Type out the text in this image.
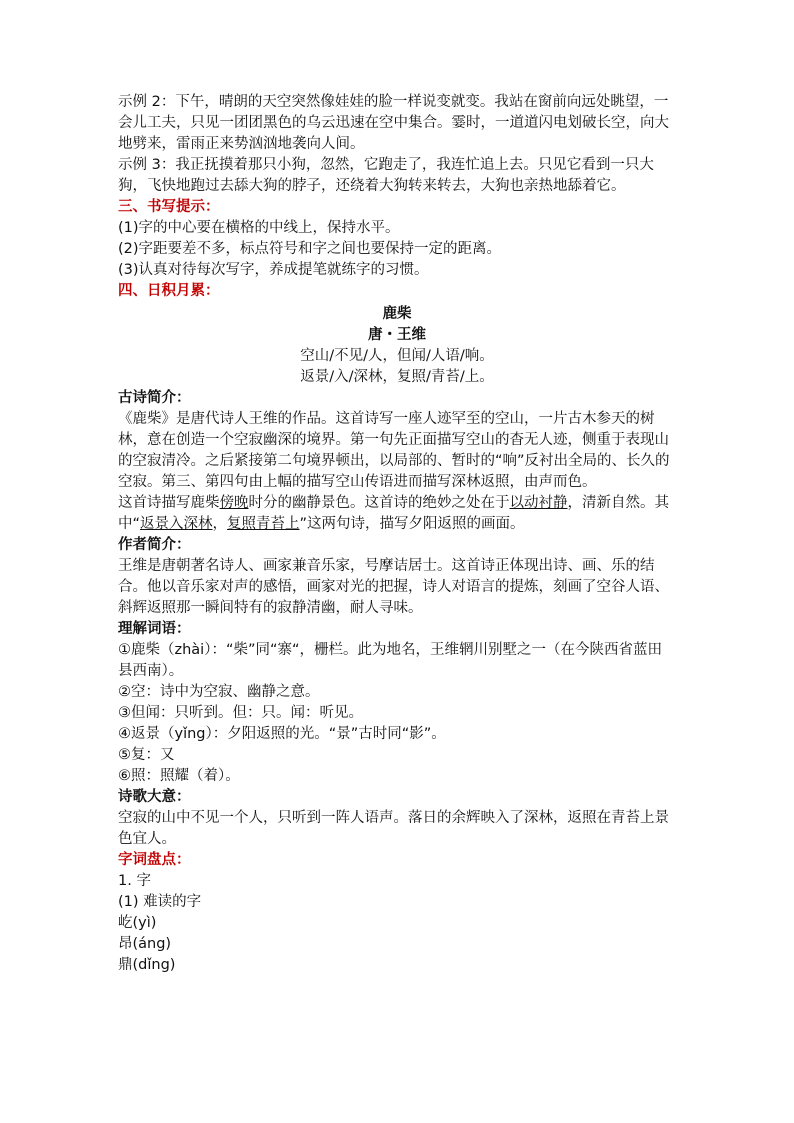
示例 2：下午，晴朗的天空突然像娃娃的脸一样说变就变。我站在窗前向远处眺望，一会儿工夫，只见一团团黑色的乌云迅速在空中集合。霎时，一道道闪电划破长空，向大地劈来，雷雨正来势汹汹地袭向人间。

示例 3：我正抚摸着那只小狗，忽然，它跑走了，我连忙追上去。只见它看到一只大狗，飞快地跑过去舔大狗的脖子，还绕着大狗转来转去，大狗也亲热地舔着它。

三、书写提示：

(1)字的中心要在横格的中线上，保持水平。

(2)字距要差不多，标点符号和字之间也要保持一定的距离。

(3)认真对待每次写字，养成提笔就练字的习惯。

四、日积月累：

鹿柴

唐・王维

空山/不见/人，但闻/人语/响。

返景/入/深林，复照/青苔/上。

古诗简介：

《鹿柴》是唐代诗人王维的作品。这首诗写一座人迹罕至的空山，一片古木参天的树林，意在创造一个空寂幽深的境界。第一句先正面描写空山的杳无人迹，侧重于表现山的空寂清冷。之后紧接第二句境界顿出，以局部的、暂时的“响”反衬出全局的、长久的空寂。第三、第四句由上幅的描写空山传语进而描写深林返照，由声而色。

这首诗描写鹿柴傍晚时分的幽静景色。这首诗的绝妙之处在于以动衬静，清新自然。其中“返景入深林，复照青苔上”这两句诗，描写夕阳返照的画面。

作者简介：

王维是唐朝著名诗人、画家兼音乐家，号摩诘居士。这首诗正体现出诗、画、乐的结合。他以音乐家对声的感悟，画家对光的把握，诗人对语言的提炼，刻画了空谷人语、斜辉返照那一瞬间特有的寂静清幽，耐人寻味。

理解词语：

①鹿柴（zhài）：“柴”同“寨“，栅栏。此为地名，王维辋川别墅之一（在今陕西省蓝田县西南）。

②空：诗中为空寂、幽静之意。

③但闻：只听到。但：只。闻：听见。

④返景（yǐng）：夕阳返照的光。“景”古时同“影”。

⑤复：又

⑥照：照耀（着）。

诗歌大意：

空寂的山中不见一个人，只听到一阵人语声。落日的余辉映入了深林，返照在青苔上景色宜人。

字词盘点：

1. 字

(1) 难读的字

屹(yì)

昂(áng)

鼎(dǐng)
